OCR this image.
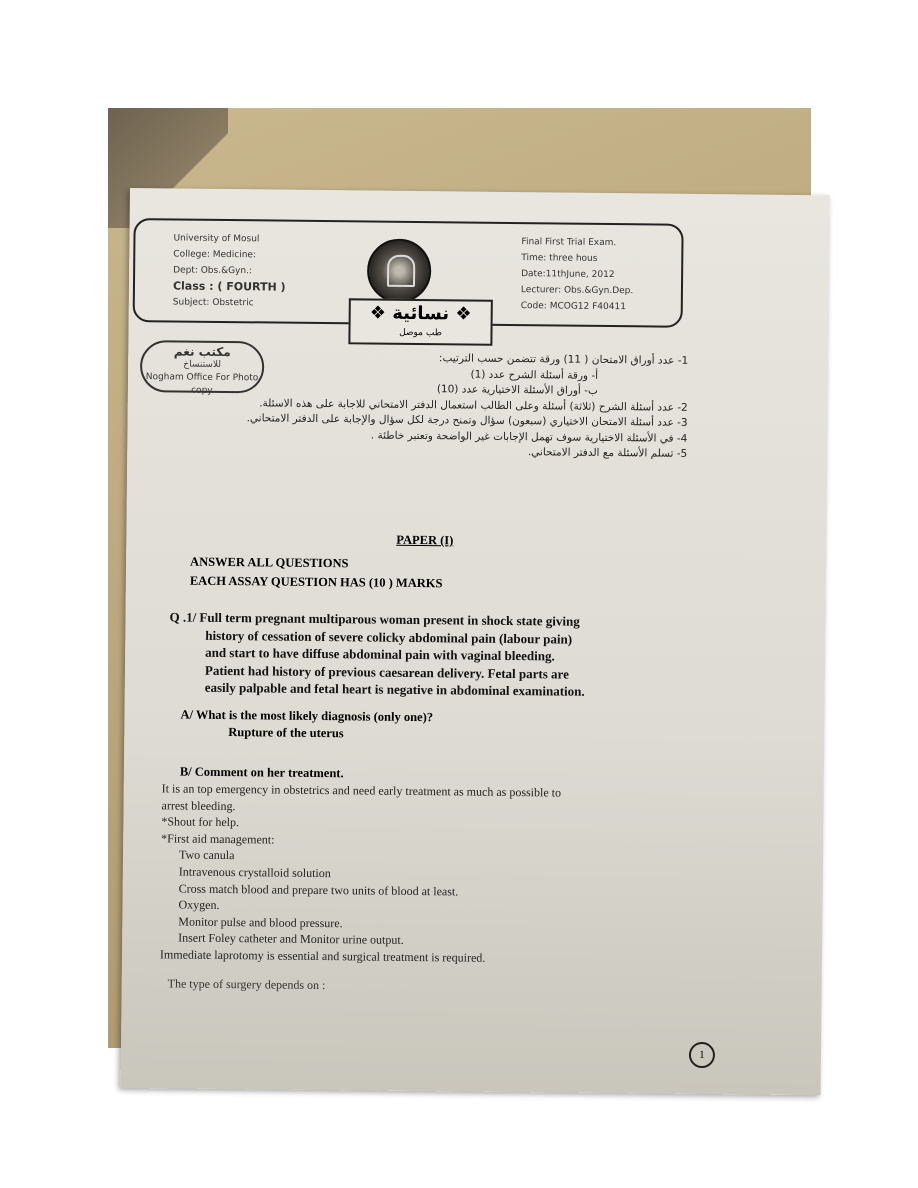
University of Mosul
College: Medicine:
Dept: Obs.&Gyn.:
Class : ( FOURTH )
Subject: Obstetric
Final First Trial Exam.
Time: three hous
Date:11thJune, 2012
Lecturer: Obs.&Gyn.Dep.
Code: MCOG12 F40411
❖ نسائية ❖
طب موصل
مكتب نغم
للاستنساخ
Nogham Office For Photo copy
1- عدد أوراق الامتحان ( 11) ورقة تتضمن حسب الترتيب:
أ- ورقة أسئلة الشرح عدد (1)
ب- أوراق الأسئلة الاختيارية عدد (10)
2- عدد أسئلة الشرح (ثلاثة) أسئلة وعلى الطالب استعمال الدفتر الامتحاني للاجابة على هذه الاسئلة.
3- عدد أسئلة الامتحان الاختياري (سبعون) سؤال وتمنح درجة لكل سؤال والإجابة على الدفتر الامتحاني.
4- في الأسئلة الاختيارية سوف تهمل الإجابات غير الواضحة وتعتبر خاطئة .
5- تسلم الأسئلة مع الدفتر الامتحاني.
PAPER (I)
ANSWER ALL QUESTIONS
EACH ASSAY QUESTION HAS (10 ) MARKS
Q .1/ Full term pregnant multiparous woman present in shock state giving
history of cessation of severe colicky abdominal pain (labour pain)
and start to have diffuse abdominal pain with vaginal bleeding.
Patient had history of previous caesarean delivery. Fetal parts are
easily palpable and fetal heart is negative in abdominal examination.
A/ What is the most likely diagnosis (only one)?
Rupture of the uterus
B/ Comment on her treatment.
It is an top emergency in obstetrics and need early treatment as much as possible to
arrest bleeding.
*Shout for help.
*First aid management:
Two canula
Intravenous crystalloid solution
Cross match blood and prepare two units of blood at least.
Oxygen.
Monitor pulse and blood pressure.
Insert Foley catheter and Monitor urine output.
Immediate laprotomy is essential and surgical treatment is required.
The type of surgery depends on :
1
